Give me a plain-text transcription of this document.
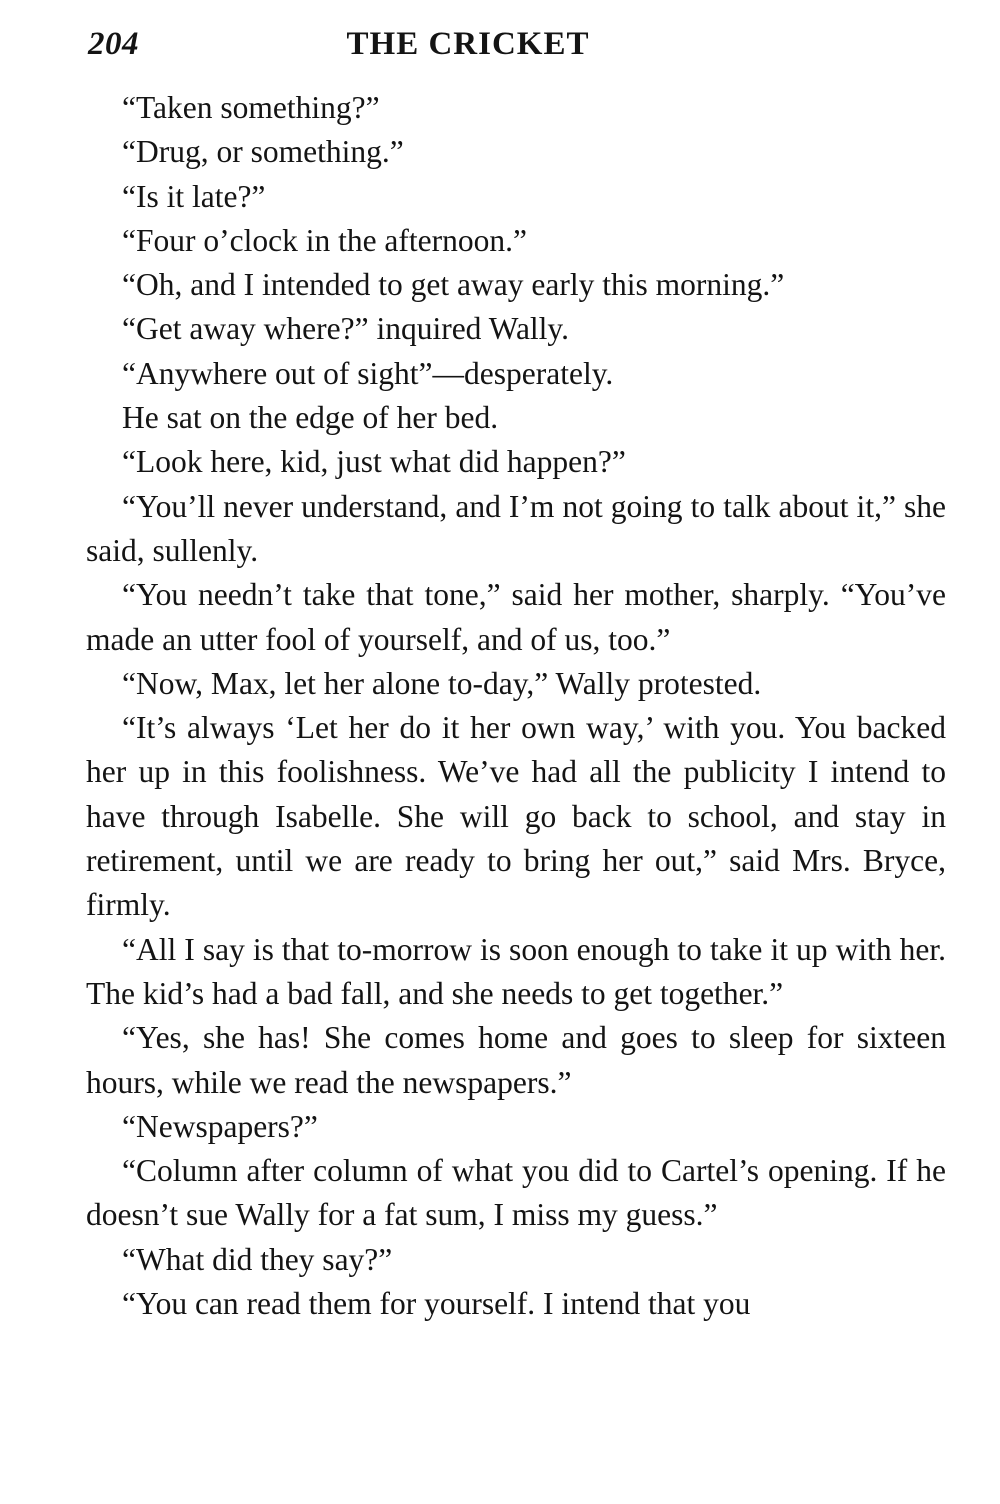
204	THE CRICKET

“Taken something?”

“Drug, or something.”

“Is it late?”

“Four o’clock in the afternoon.”

“Oh, and I intended to get away early this morning.”

“Get away where?” inquired Wally.

“Anywhere out of sight”—desperately.

He sat on the edge of her bed.

“Look here, kid, just what did happen?”

“You’ll never understand, and I’m not going to talk about it,” she said, sullenly.

“You needn’t take that tone,” said her mother, sharply. “You’ve made an utter fool of yourself, and of us, too.”

“Now, Max, let her alone to-day,” Wally protested.

“It’s always ‘Let her do it her own way,’ with you. You backed her up in this foolishness. We’ve had all the publicity I intend to have through Isabelle. She will go back to school, and stay in retirement, until we are ready to bring her out,” said Mrs. Bryce, firmly.

“All I say is that to-morrow is soon enough to take it up with her. The kid’s had a bad fall, and she needs to get together.”

“Yes, she has! She comes home and goes to sleep for sixteen hours, while we read the newspapers.”

“Newspapers?”

“Column after column of what you did to Cartel’s opening. If he doesn’t sue Wally for a fat sum, I miss my guess.”

“What did they say?”

“You can read them for yourself. I intend that you
